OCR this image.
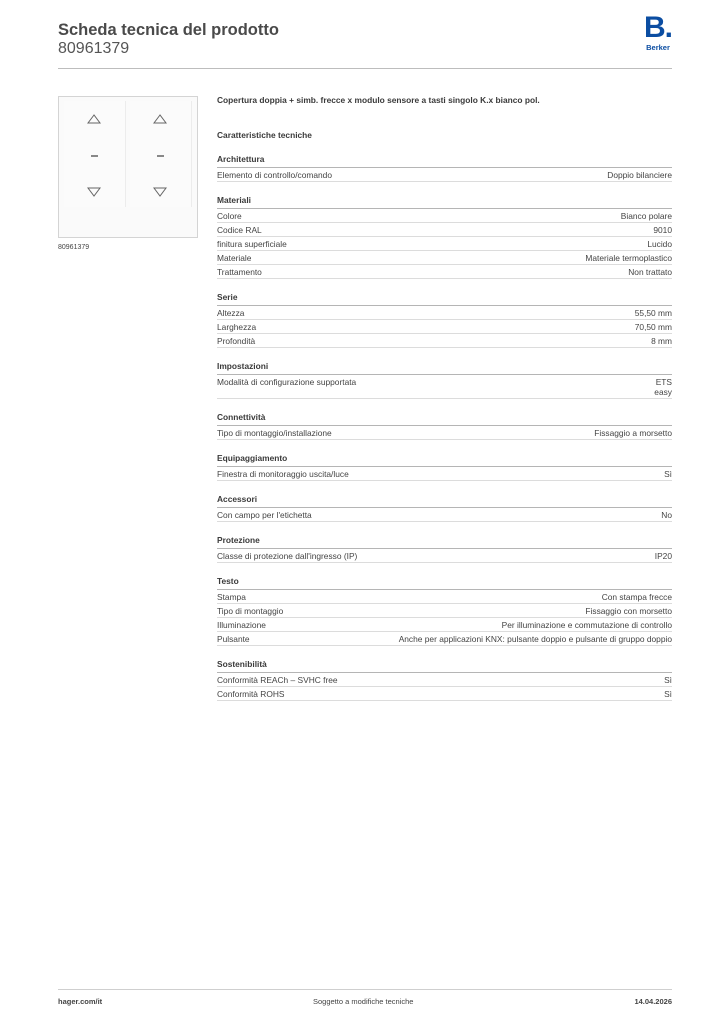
Scheda tecnica del prodotto
80961379
B.
Berker
80961379
Copertura doppia + simb. frecce x modulo sensore a tasti singolo K.x bianco pol.
Caratteristiche tecniche
Architettura
Elemento di controllo/comando	Doppio bilanciere
Materiali
Colore	Bianco polare
Codice RAL	9010
finitura superficiale	Lucido
Materiale	Materiale termoplastico
Trattamento	Non trattato
Serie
Altezza	55,50 mm
Larghezza	70,50 mm
Profondità	8 mm
Impostazioni
Modalità di configurazione supportata	ETS
easy
Connettività
Tipo di montaggio/installazione	Fissaggio a morsetto
Equipaggiamento
Finestra di monitoraggio uscita/luce	Sì
Accessori
Con campo per l'etichetta	No
Protezione
Classe di protezione dall'ingresso (IP)	IP20
Testo
Stampa	Con stampa frecce
Tipo di montaggio	Fissaggio con morsetto
Illuminazione	Per illuminazione e commutazione di controllo
Pulsante	Anche per applicazioni KNX: pulsante doppio e pulsante di gruppo doppio
Sostenibilità
Conformità REACh – SVHC free	Sì
Conformità ROHS	Sì
hager.com/it	Soggetto a modifiche tecniche	14.04.2026
